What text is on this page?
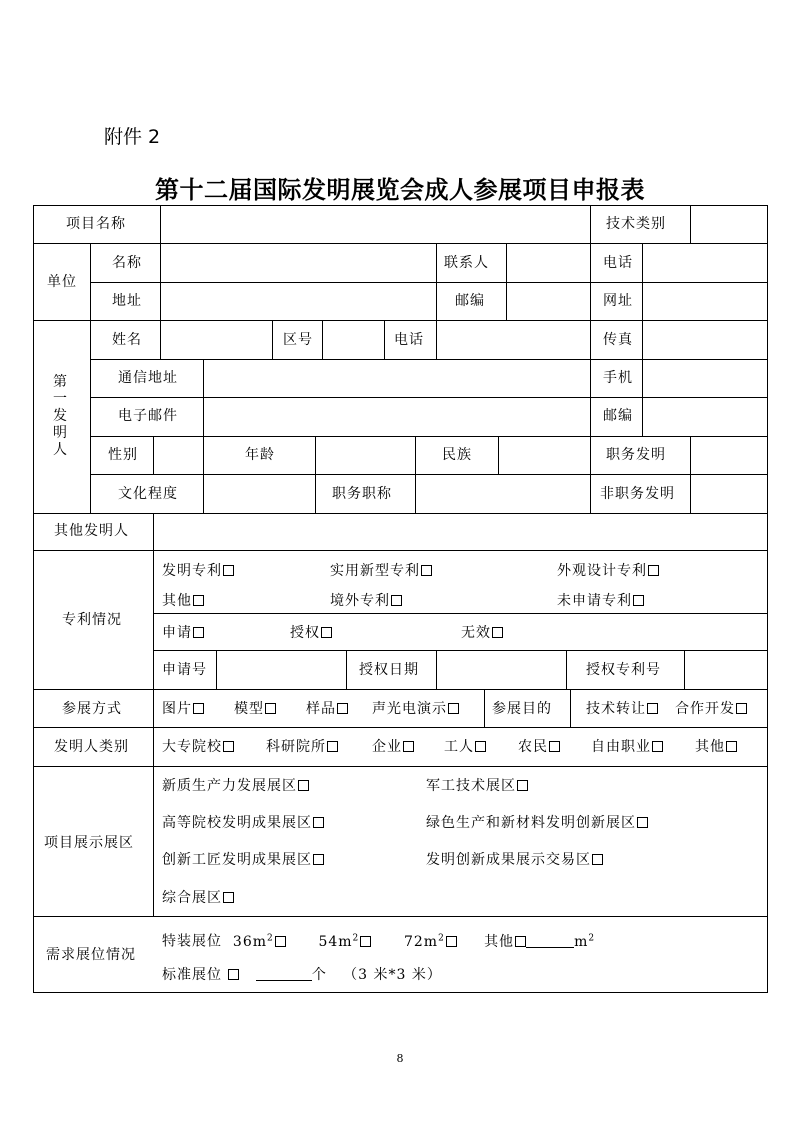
附件 2
第十二届国际发明展览会成人参展项目申报表
项目名称	技术类别
单位
名称	联系人	电话
地址	邮编	网址
第
一
发
明
人
姓名	区号	电话	传真
通信地址	手机
电子邮件	邮编
性别	年龄	民族	职务发明
文化程度	职务职称	非职务发明
其他发明人
专利情况
发明专利	实用新型专利	外观设计专利
其他	境外专利	未申请专利
申请	授权	无效
申请号	授权日期	授权专利号
参展方式	图片	模型	样品	声光电演示	参展目的 技术转让	合作开发
发明人类别 大专院校	科研院所	企业	工人	农民	自由职业	其他
项目展示展区
新质生产力发展展区	军工技术展区
高等院校发明成果展区	绿色生产和新材料发明创新展区
创新工匠发明成果展区	发明创新成果展示交易区
综合展区
需求展位情况
特装展位 $36m^2$	$54m^2$	$72m^2$	其他	$m^2$
标准展位	个 （3 米*3 米）
8
